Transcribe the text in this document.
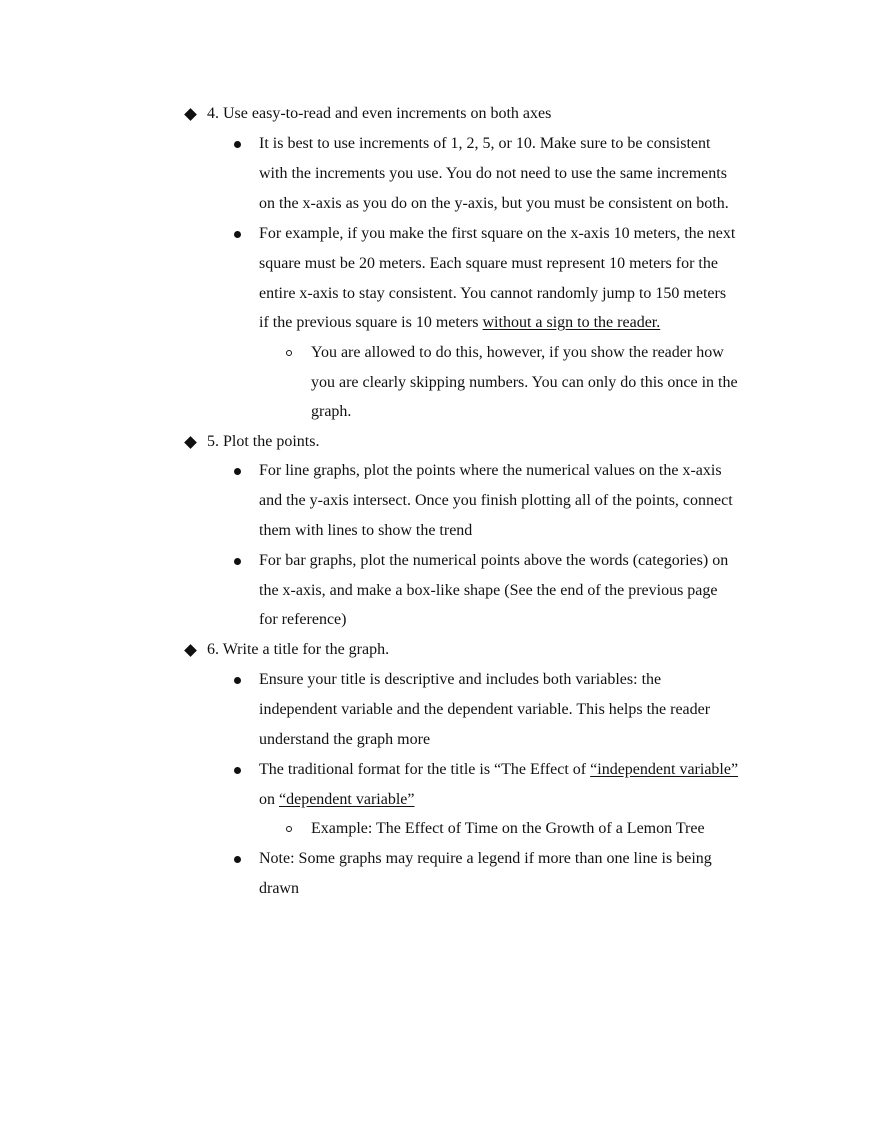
4. Use easy-to-read and even increments on both axes
It is best to use increments of 1, 2, 5, or 10. Make sure to be consistent
with the increments you use. You do not need to use the same increments
on the x-axis as you do on the y-axis, but you must be consistent on both.
For example, if you make the first square on the x-axis 10 meters, the next
square must be 20 meters. Each square must represent 10 meters for the
entire x-axis to stay consistent. You cannot randomly jump to 150 meters
if the previous square is 10 meters without a sign to the reader.
You are allowed to do this, however, if you show the reader how
you are clearly skipping numbers. You can only do this once in the
graph.
5. Plot the points.
For line graphs, plot the points where the numerical values on the x-axis
and the y-axis intersect. Once you finish plotting all of the points, connect
them with lines to show the trend
For bar graphs, plot the numerical points above the words (categories) on
the x-axis, and make a box-like shape (See the end of the previous page
for reference)
6. Write a title for the graph.
Ensure your title is descriptive and includes both variables: the
independent variable and the dependent variable. This helps the reader
understand the graph more
The traditional format for the title is “The Effect of “independent variable”
on “dependent variable”
Example: The Effect of Time on the Growth of a Lemon Tree
Note: Some graphs may require a legend if more than one line is being
drawn
